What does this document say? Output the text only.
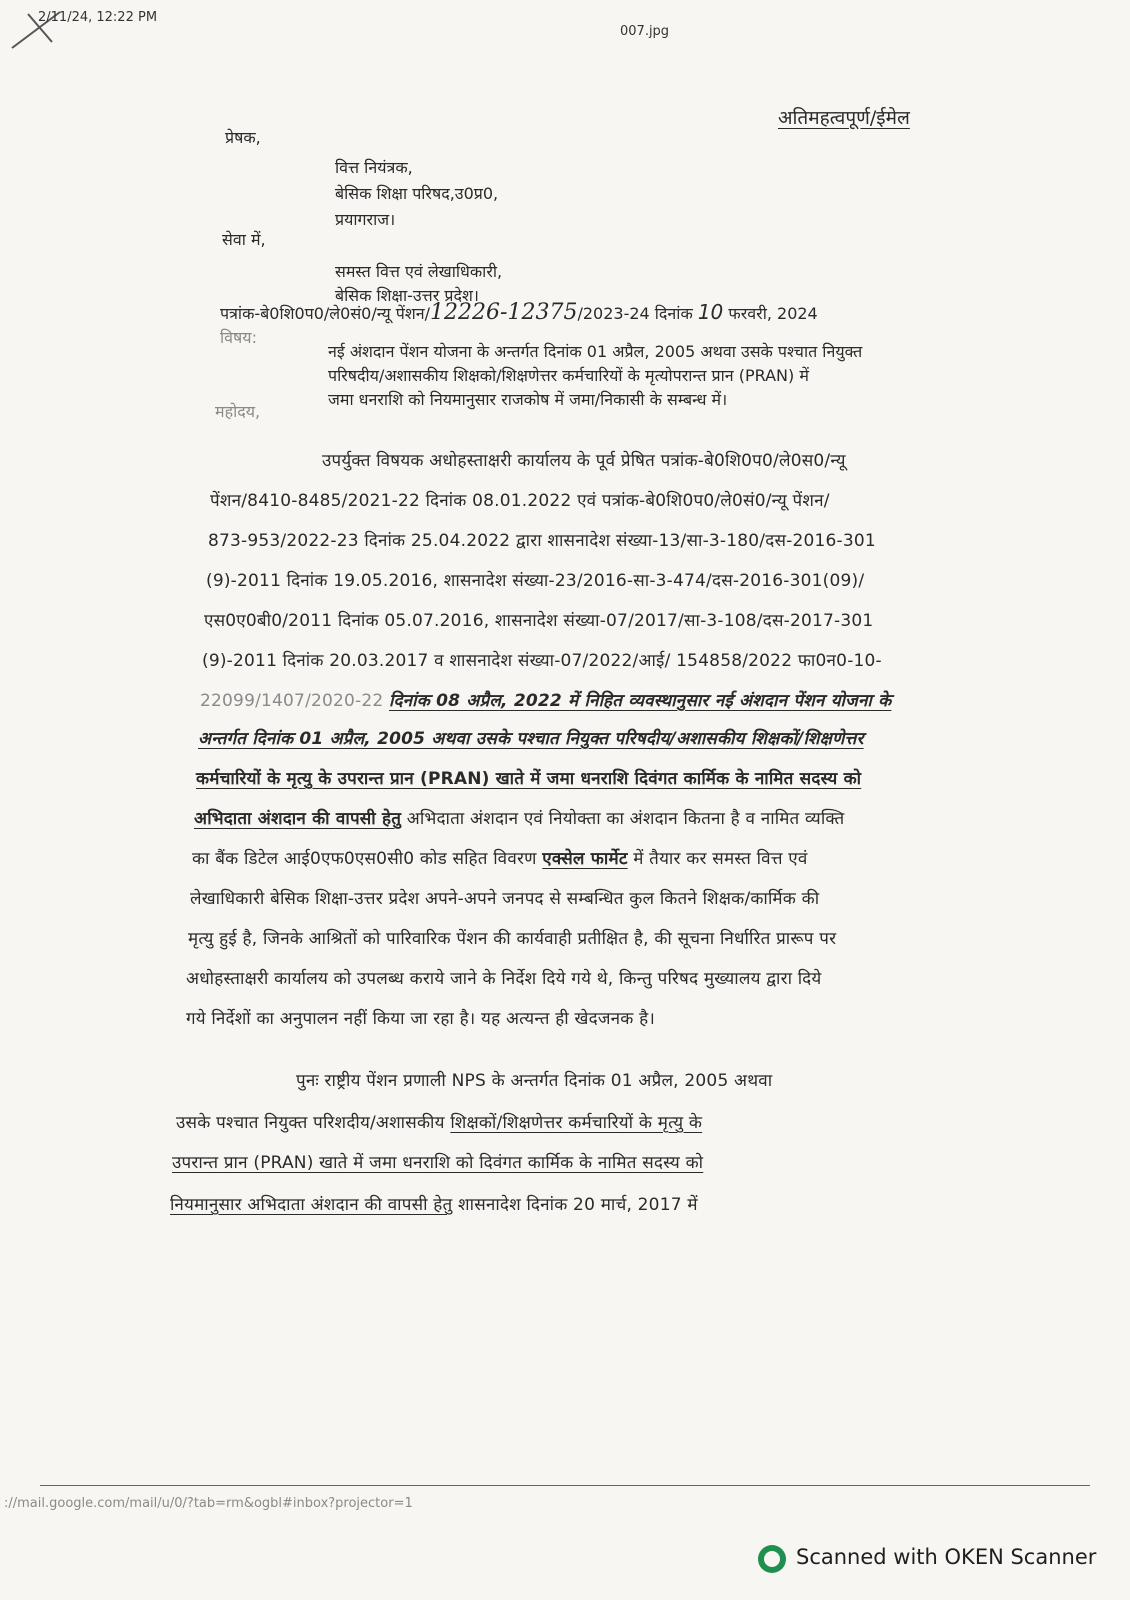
2/11/24, 12:22 PM
007.jpg
अतिमहत्वपूर्ण/ईमेल
प्रेषक,
वित्त नियंत्रक,
बेसिक शिक्षा परिषद,उ0प्र0,
प्रयागराज।
सेवा में,
समस्त वित्त एवं लेखाधिकारी,
बेसिक शिक्षा-उत्तर प्रदेश।
पत्रांक-बे0शि0प0/ले0सं0/न्यू पेंशन/12226-12375/2023-24 दिनांक 10 फरवरी, 2024
विषय:
नई अंशदान पेंशन योजना के अन्तर्गत दिनांक 01 अप्रैल, 2005 अथवा उसके पश्चात नियुक्त
परिषदीय/अशासकीय शिक्षको/शिक्षणेत्तर कर्मचारियों के मृत्योपरान्त प्रान (PRAN) में
जमा धनराशि को नियमानुसार राजकोष में जमा/निकासी के सम्बन्ध में।
महोदय,
उपर्युक्त विषयक अधोहस्ताक्षरी कार्यालय के पूर्व प्रेषित पत्रांक-बे0शि0प0/ले0स0/न्यू
पेंशन/8410-8485/2021-22 दिनांक 08.01.2022 एवं पत्रांक-बे0शि0प0/ले0सं0/न्यू पेंशन/
873-953/2022-23 दिनांक 25.04.2022 द्वारा शासनादेश संख्या-13/सा-3-180/दस-2016-301
(9)-2011 दिनांक 19.05.2016, शासनादेश संख्या-23/2016-सा-3-474/दस-2016-301(09)/
एस0ए0बी0/2011 दिनांक 05.07.2016, शासनादेश संख्या-07/2017/सा-3-108/दस-2017-301
(9)-2011 दिनांक 20.03.2017 व शासनादेश संख्या-07/2022/आई/ 154858/2022 फा0न0-10-
22099/1407/2020-22 दिनांक 08 अप्रैल, 2022 में निहित व्यवस्थानुसार नई अंशदान पेंशन योजना के
अन्तर्गत दिनांक 01 अप्रैल, 2005 अथवा उसके पश्चात नियुक्त परिषदीय/अशासकीय शिक्षकों/शिक्षणेत्तर
कर्मचारियों के मृत्यु के उपरान्त प्रान (PRAN) खाते में जमा धनराशि दिवंगत कार्मिक के नामित सदस्य को
अभिदाता अंशदान की वापसी हेतु अभिदाता अंशदान एवं नियोक्ता का अंशदान कितना है व नामित व्यक्ति
का बैंक डिटेल आई0एफ0एस0सी0 कोड सहित विवरण एक्सेल फार्मेट में तैयार कर समस्त वित्त एवं
लेखाधिकारी बेसिक शिक्षा-उत्तर प्रदेश अपने-अपने जनपद से सम्बन्धित कुल कितने शिक्षक/कार्मिक की
मृत्यु हुई है, जिनके आश्रितों को पारिवारिक पेंशन की कार्यवाही प्रतीक्षित है, की सूचना निर्धारित प्रारूप पर
अधोहस्ताक्षरी कार्यालय को उपलब्ध कराये जाने के निर्देश दिये गये थे, किन्तु परिषद मुख्यालय द्वारा दिये
गये निर्देशों का अनुपालन नहीं किया जा रहा है। यह अत्यन्त ही खेदजनक है।
पुनः राष्ट्रीय पेंशन प्रणाली NPS के अन्तर्गत दिनांक 01 अप्रैल, 2005 अथवा
उसके पश्चात नियुक्त परिशदीय/अशासकीय शिक्षकों/शिक्षणेत्तर कर्मचारियों के मृत्यु के
उपरान्त प्रान (PRAN) खाते में जमा धनराशि को दिवंगत कार्मिक के नामित सदस्य को
नियमानुसार अभिदाता अंशदान की वापसी हेतु शासनादेश दिनांक 20 मार्च, 2017 में
://mail.google.com/mail/u/0/?tab=rm&ogbl#inbox?projector=1
Scanned with OKEN Scanner
